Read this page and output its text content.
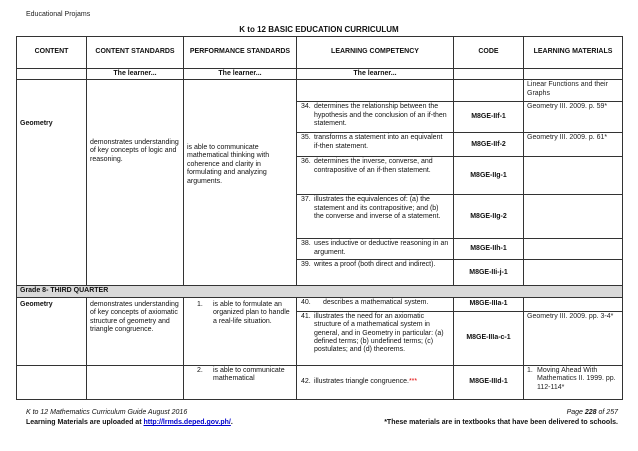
Educational Projams
K to 12 BASIC EDUCATION CURRICULUM
CONTENT	CONTENT STANDARDS	PERFORMANCE STANDARDS	LEARNING COMPETENCY	CODE	LEARNING MATERIALS
	The learner...	The learner...	The learner...		

Geometry	demonstrates understanding of key concepts of logic and reasoning.	is able to communicate mathematical thinking with coherence and clarity in formulating and analyzing arguments.			Linear Functions and their Graphs
			34. determines the relationship between the hypothesis and the conclusion of an if-then statement.	M8GE-IIf-1	Geometry III. 2009. p. 59*
			35. transforms a statement into an equivalent if-then statement.	M8GE-IIf-2	Geometry III. 2009. p. 61*
			36. determines the inverse, converse, and contrapositive of an if-then statement.	M8GE-IIg-1	
			37. illustrates the equivalences of: (a) the statement and its contrapositive; and (b) the converse and inverse of a statement.	M8GE-IIg-2	
			38. uses inductive or deductive reasoning in an argument.	M8GE-IIh-1	
			39. writes a proof (both direct and indirect).	M8GE-IIi-j-1	
Grade 8- THIRD QUARTER					
Geometry	demonstrates understanding of key concepts of axiomatic structure of geometry and triangle congruence.	1. is able to formulate an organized plan to handle a real-life situation.	40. describes a mathematical system.	M8GE-IIIa-1	
			41. illustrates the need for an axiomatic structure of a mathematical system in general, and in Geometry in particular: (a) defined terms; (b) undefined terms; (c) postulates; and (d) theorems.	M8GE-IIIa-c-1	Geometry III. 2009. pp. 3-4*

		2. is able to communicate mathematical	42. illustrates triangle congruence.***	M8GE-IIId-1	1. Moving Ahead With Mathematics II. 1999. pp. 112-114*
K to 12 Mathematics Curriculum Guide August 2016
Learning Materials are uploaded at http://lrmds.deped.gov.ph/.
Page 228 of 257
*These materials are in textbooks that have been delivered to schools.
